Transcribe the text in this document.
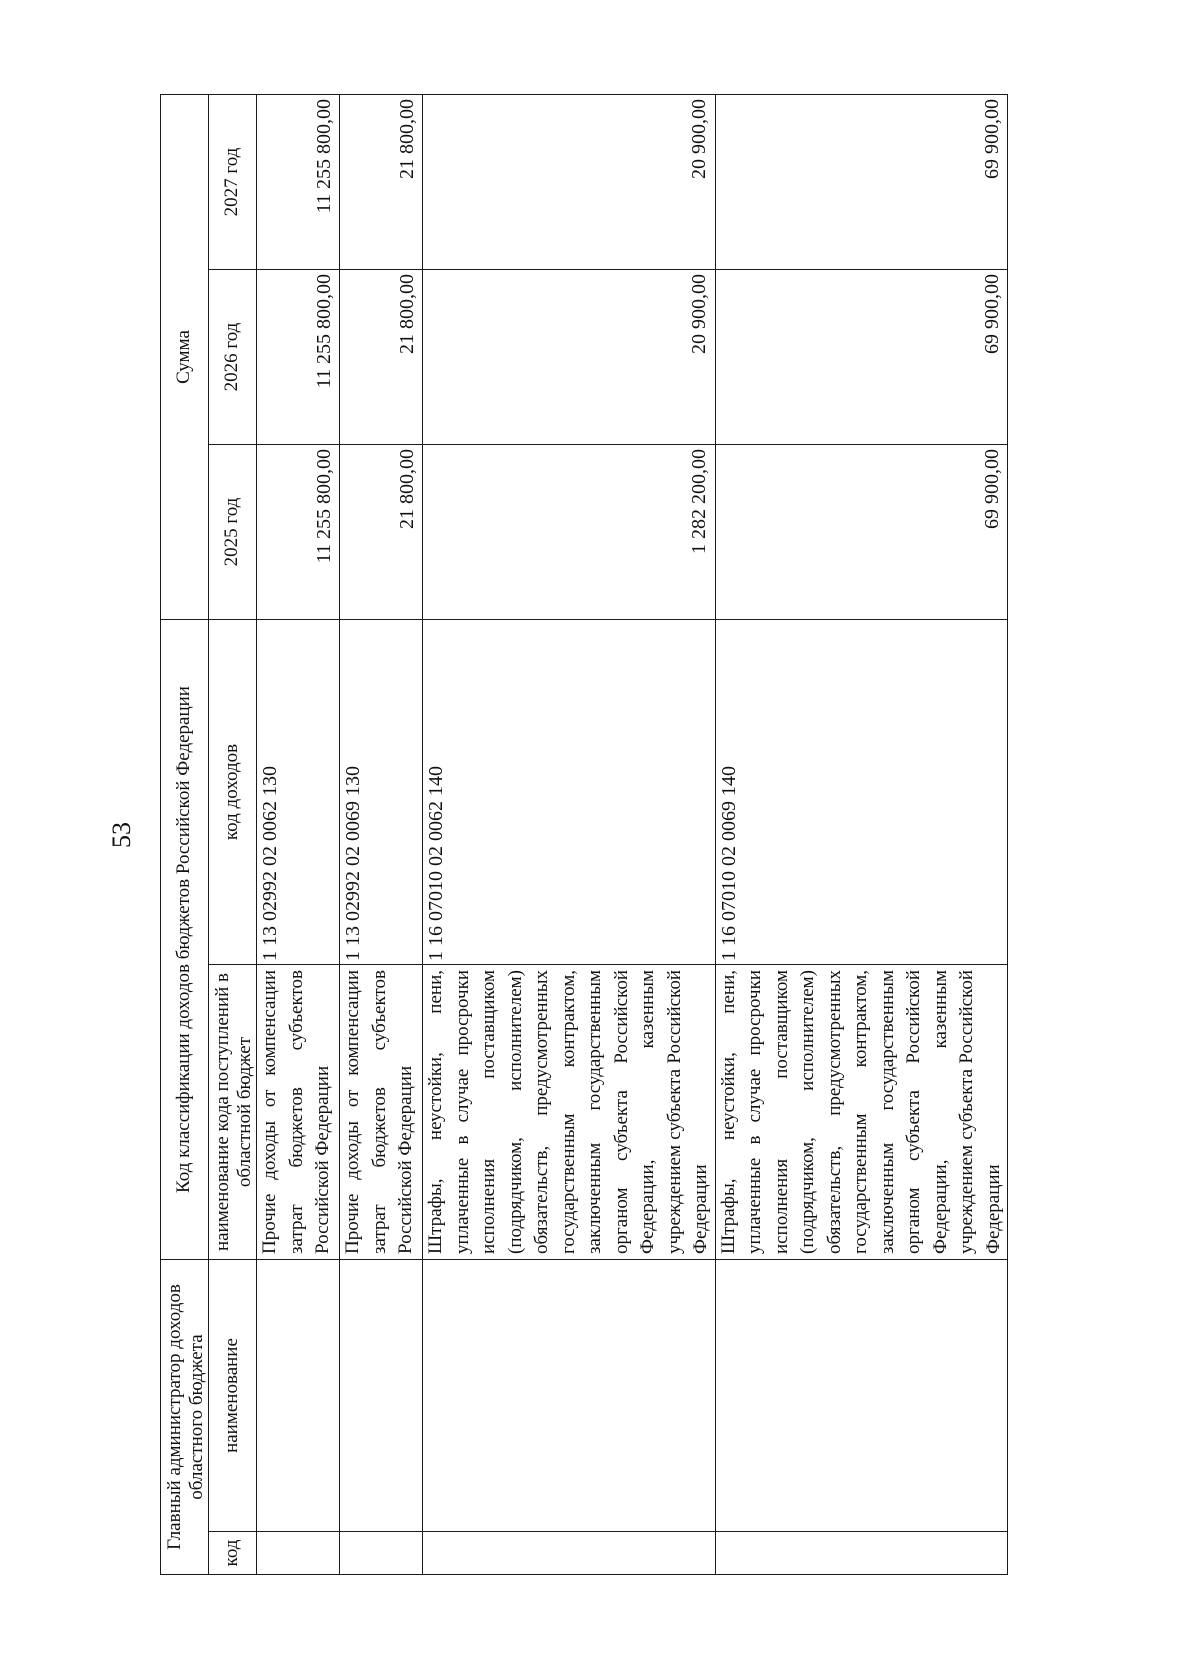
53
Главный администратор доходов областного бюджета		Код классификации доходов бюджетов Российской Федерации		Сумма		
код	наименование	наименование кода поступлений в областной бюджет	код доходов	2025 год	2026 год	2027 год
		Прочие доходы от компенсации затрат бюджетов субъектов Российской Федерации	1 13 02992 02 0062 130	11 255 800,00	11 255 800,00	11 255 800,00
		Прочие доходы от компенсации затрат бюджетов субъектов Российской Федерации	1 13 02992 02 0069 130	21 800,00	21 800,00	21 800,00
		Штрафы, неустойки, пени, уплаченные в случае просрочки исполнения поставщиком (подрядчиком, исполнителем) обязательств, предусмотренных государственным контрактом, заключенным государственным органом субъекта Российской Федерации, казенным учреждением субъекта Российской Федерации	1 16 07010 02 0062 140	1 282 200,00	20 900,00	20 900,00
		Штрафы, неустойки, пени, уплаченные в случае просрочки исполнения поставщиком (подрядчиком, исполнителем) обязательств, предусмотренных государственным контрактом, заключенным государственным органом субъекта Российской Федерации, казенным учреждением субъекта Российской Федерации	1 16 07010 02 0069 140	69 900,00	69 900,00	69 900,00
